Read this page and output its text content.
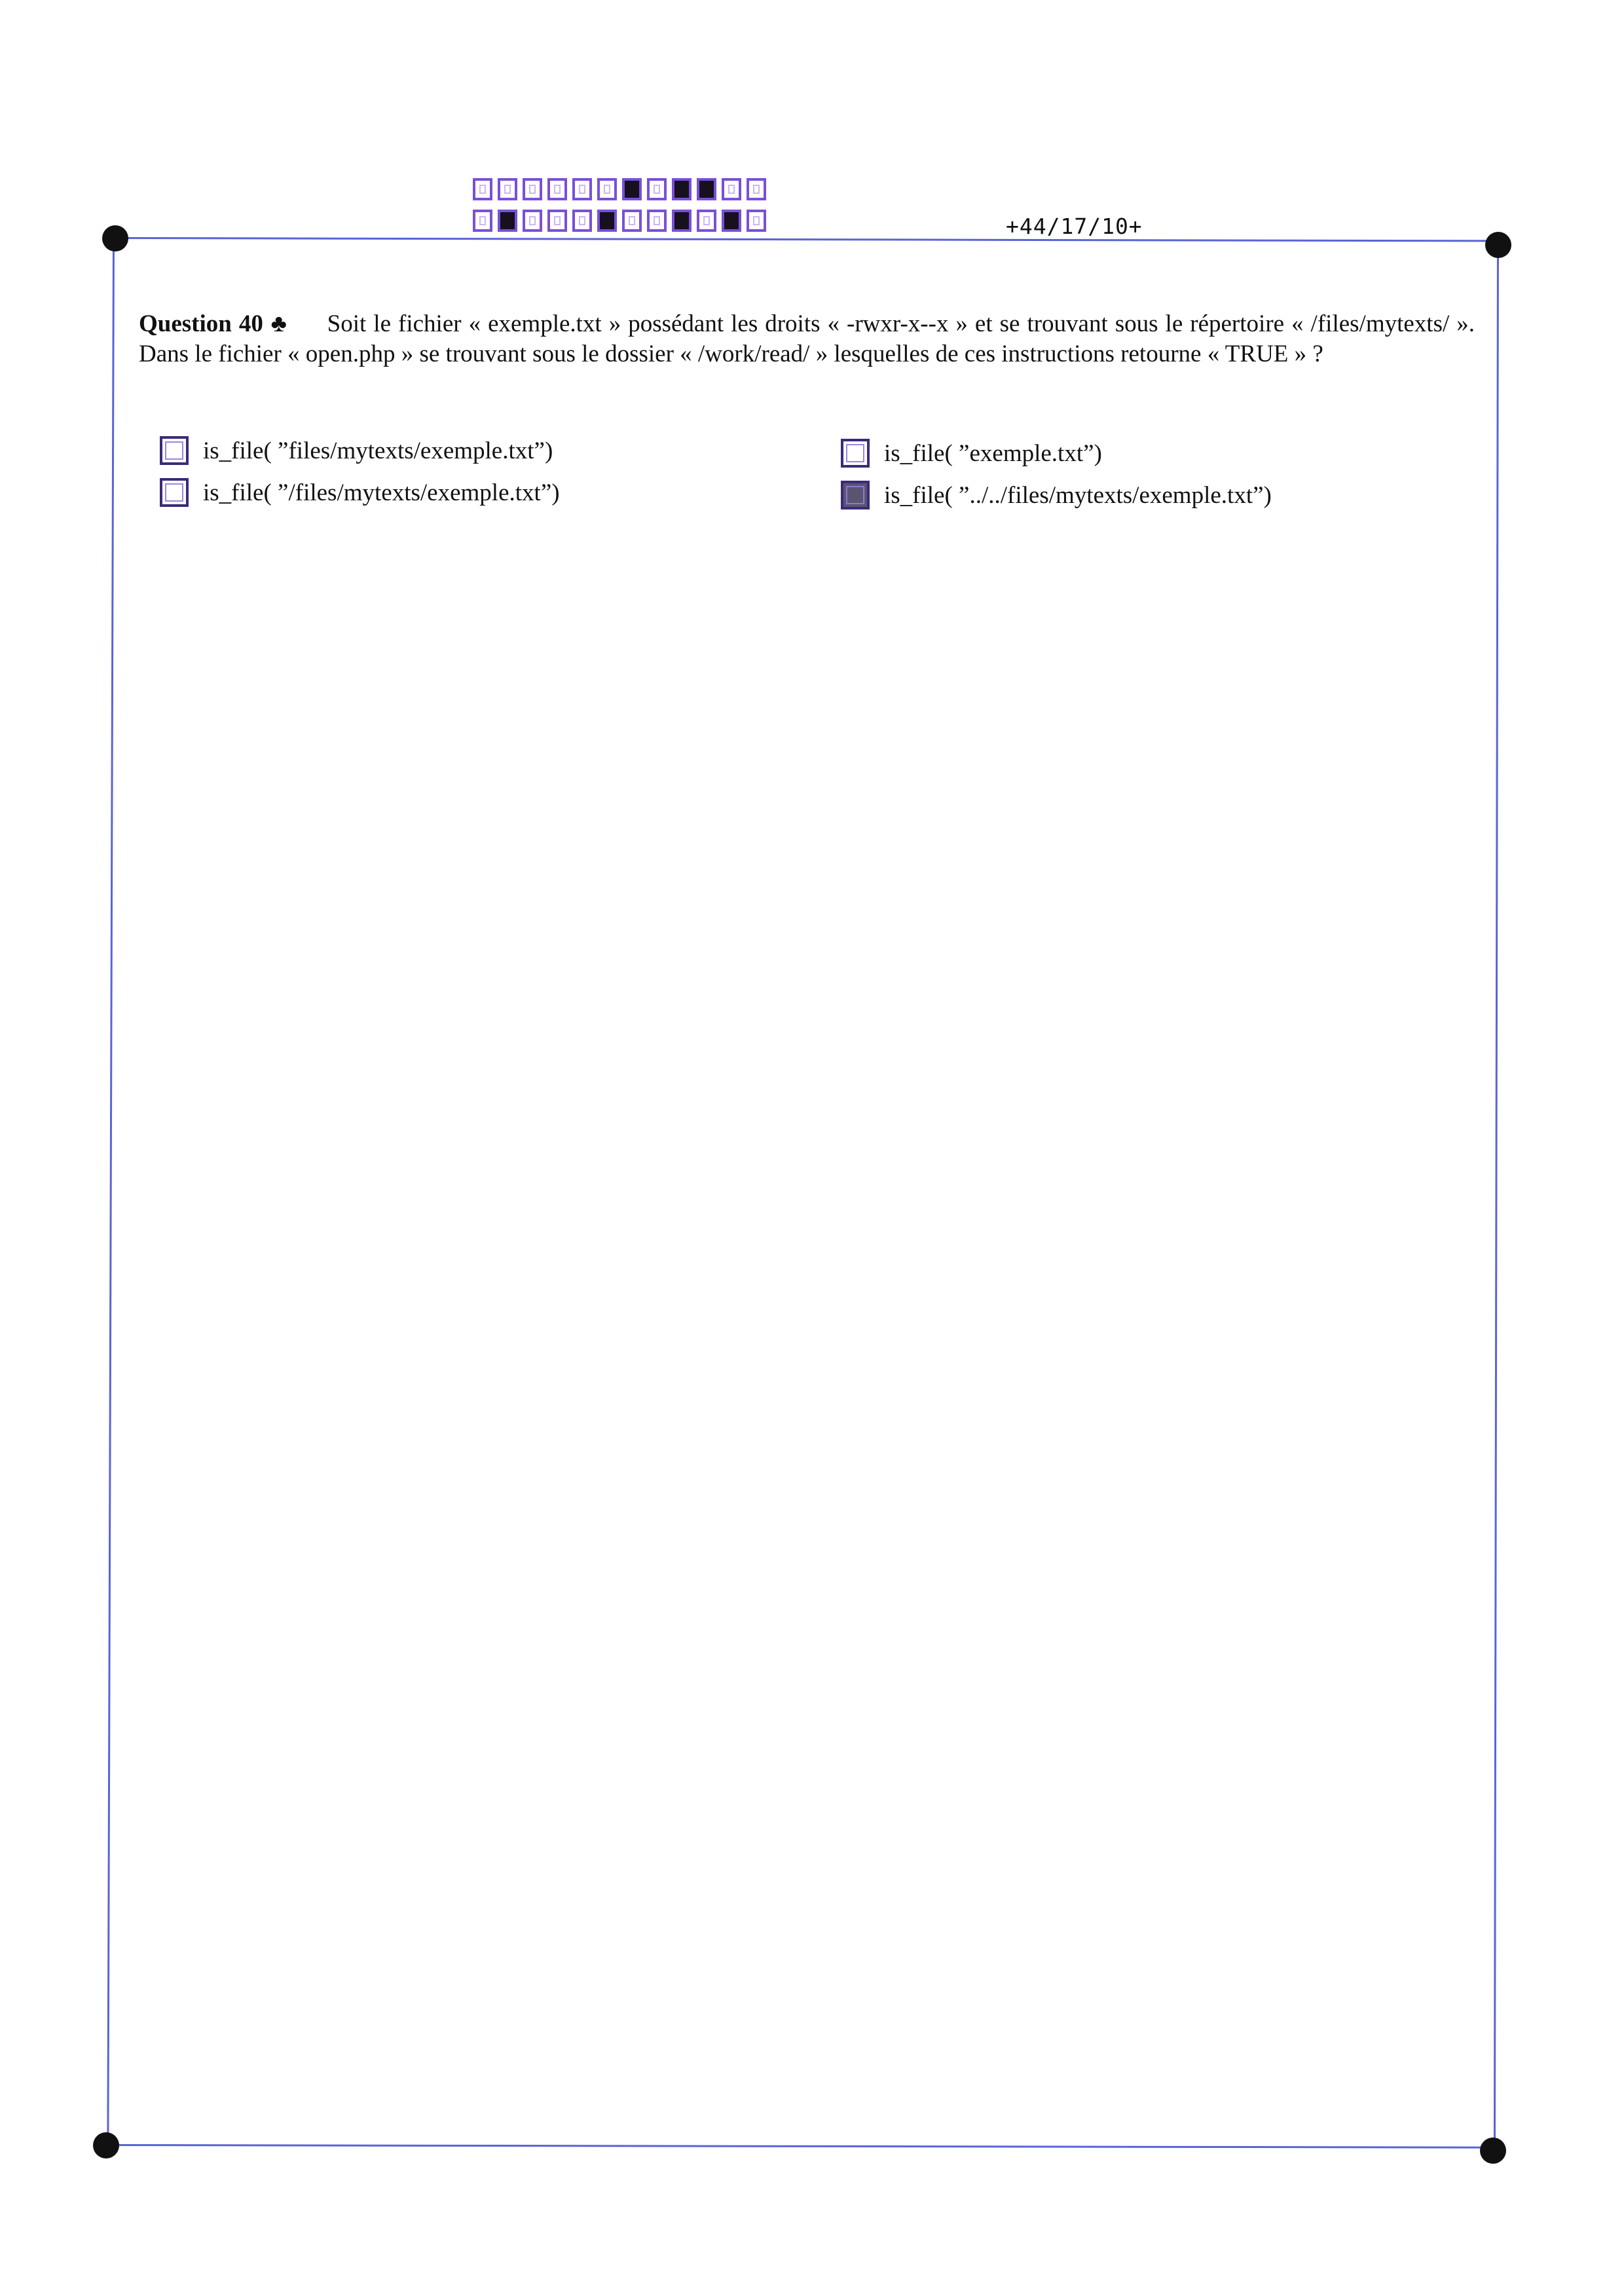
+44/17/10+
Question 40 ♣ Soit le fichier « exemple.txt » possédant les droits « -rwxr-x--x » et se trouvant sous le répertoire « /files/mytexts/ ». Dans le fichier « open.php » se trouvant sous le dossier « /work/read/ » lesquelles de ces instructions retourne « TRUE » ?
is_file( ”files/mytexts/exemple.txt”)
is_file( ”/files/mytexts/exemple.txt”)
is_file( ”exemple.txt”)
is_file( ”../../files/mytexts/exemple.txt”)
